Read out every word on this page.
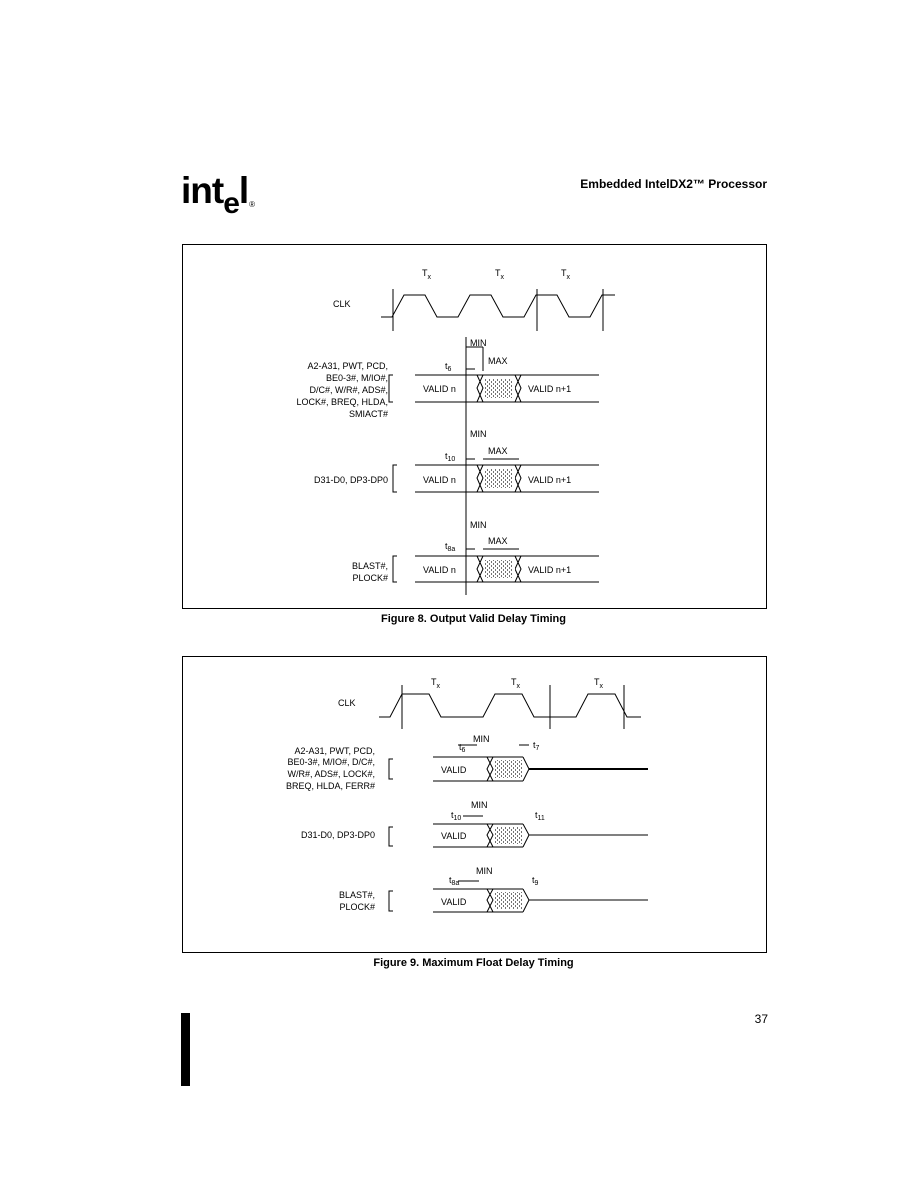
int$_e$l®
Embedded IntelDX2™ Processor
CLK
$T_x$	$T_x$	$T_x$
A2-A31, PWT, PCD,
BE0-3#, M/IO#,
D/C#, W/R#, ADS#,
LOCK#, BREQ, HLDA,
SMIACT#
MIN
$t_6$
MAX
VALID n	VALID n+1
D31-D0, DP3-DP0
MIN
$t_{10}$
MAX
VALID n	VALID n+1
BLAST#,
PLOCK#
MIN
$t_{8a}$
MAX
VALID n	VALID n+1
Figure 8. Output Valid Delay Timing
CLK
$T_x$	$T_x$	$T_x$
A2-A31, PWT, PCD,
BE0-3#, M/IO#, D/C#,
W/R#, ADS#, LOCK#,
BREQ, HLDA, FERR#
MIN
$t_6$
$t_7$
VALID
D31-D0, DP3-DP0
MIN
$t_{10}$	$t_{11}$
VALID
BLAST#,
PLOCK#
MIN
$t_{8a}$	$t_9$
VALID
Figure 9. Maximum Float Delay Timing
37
